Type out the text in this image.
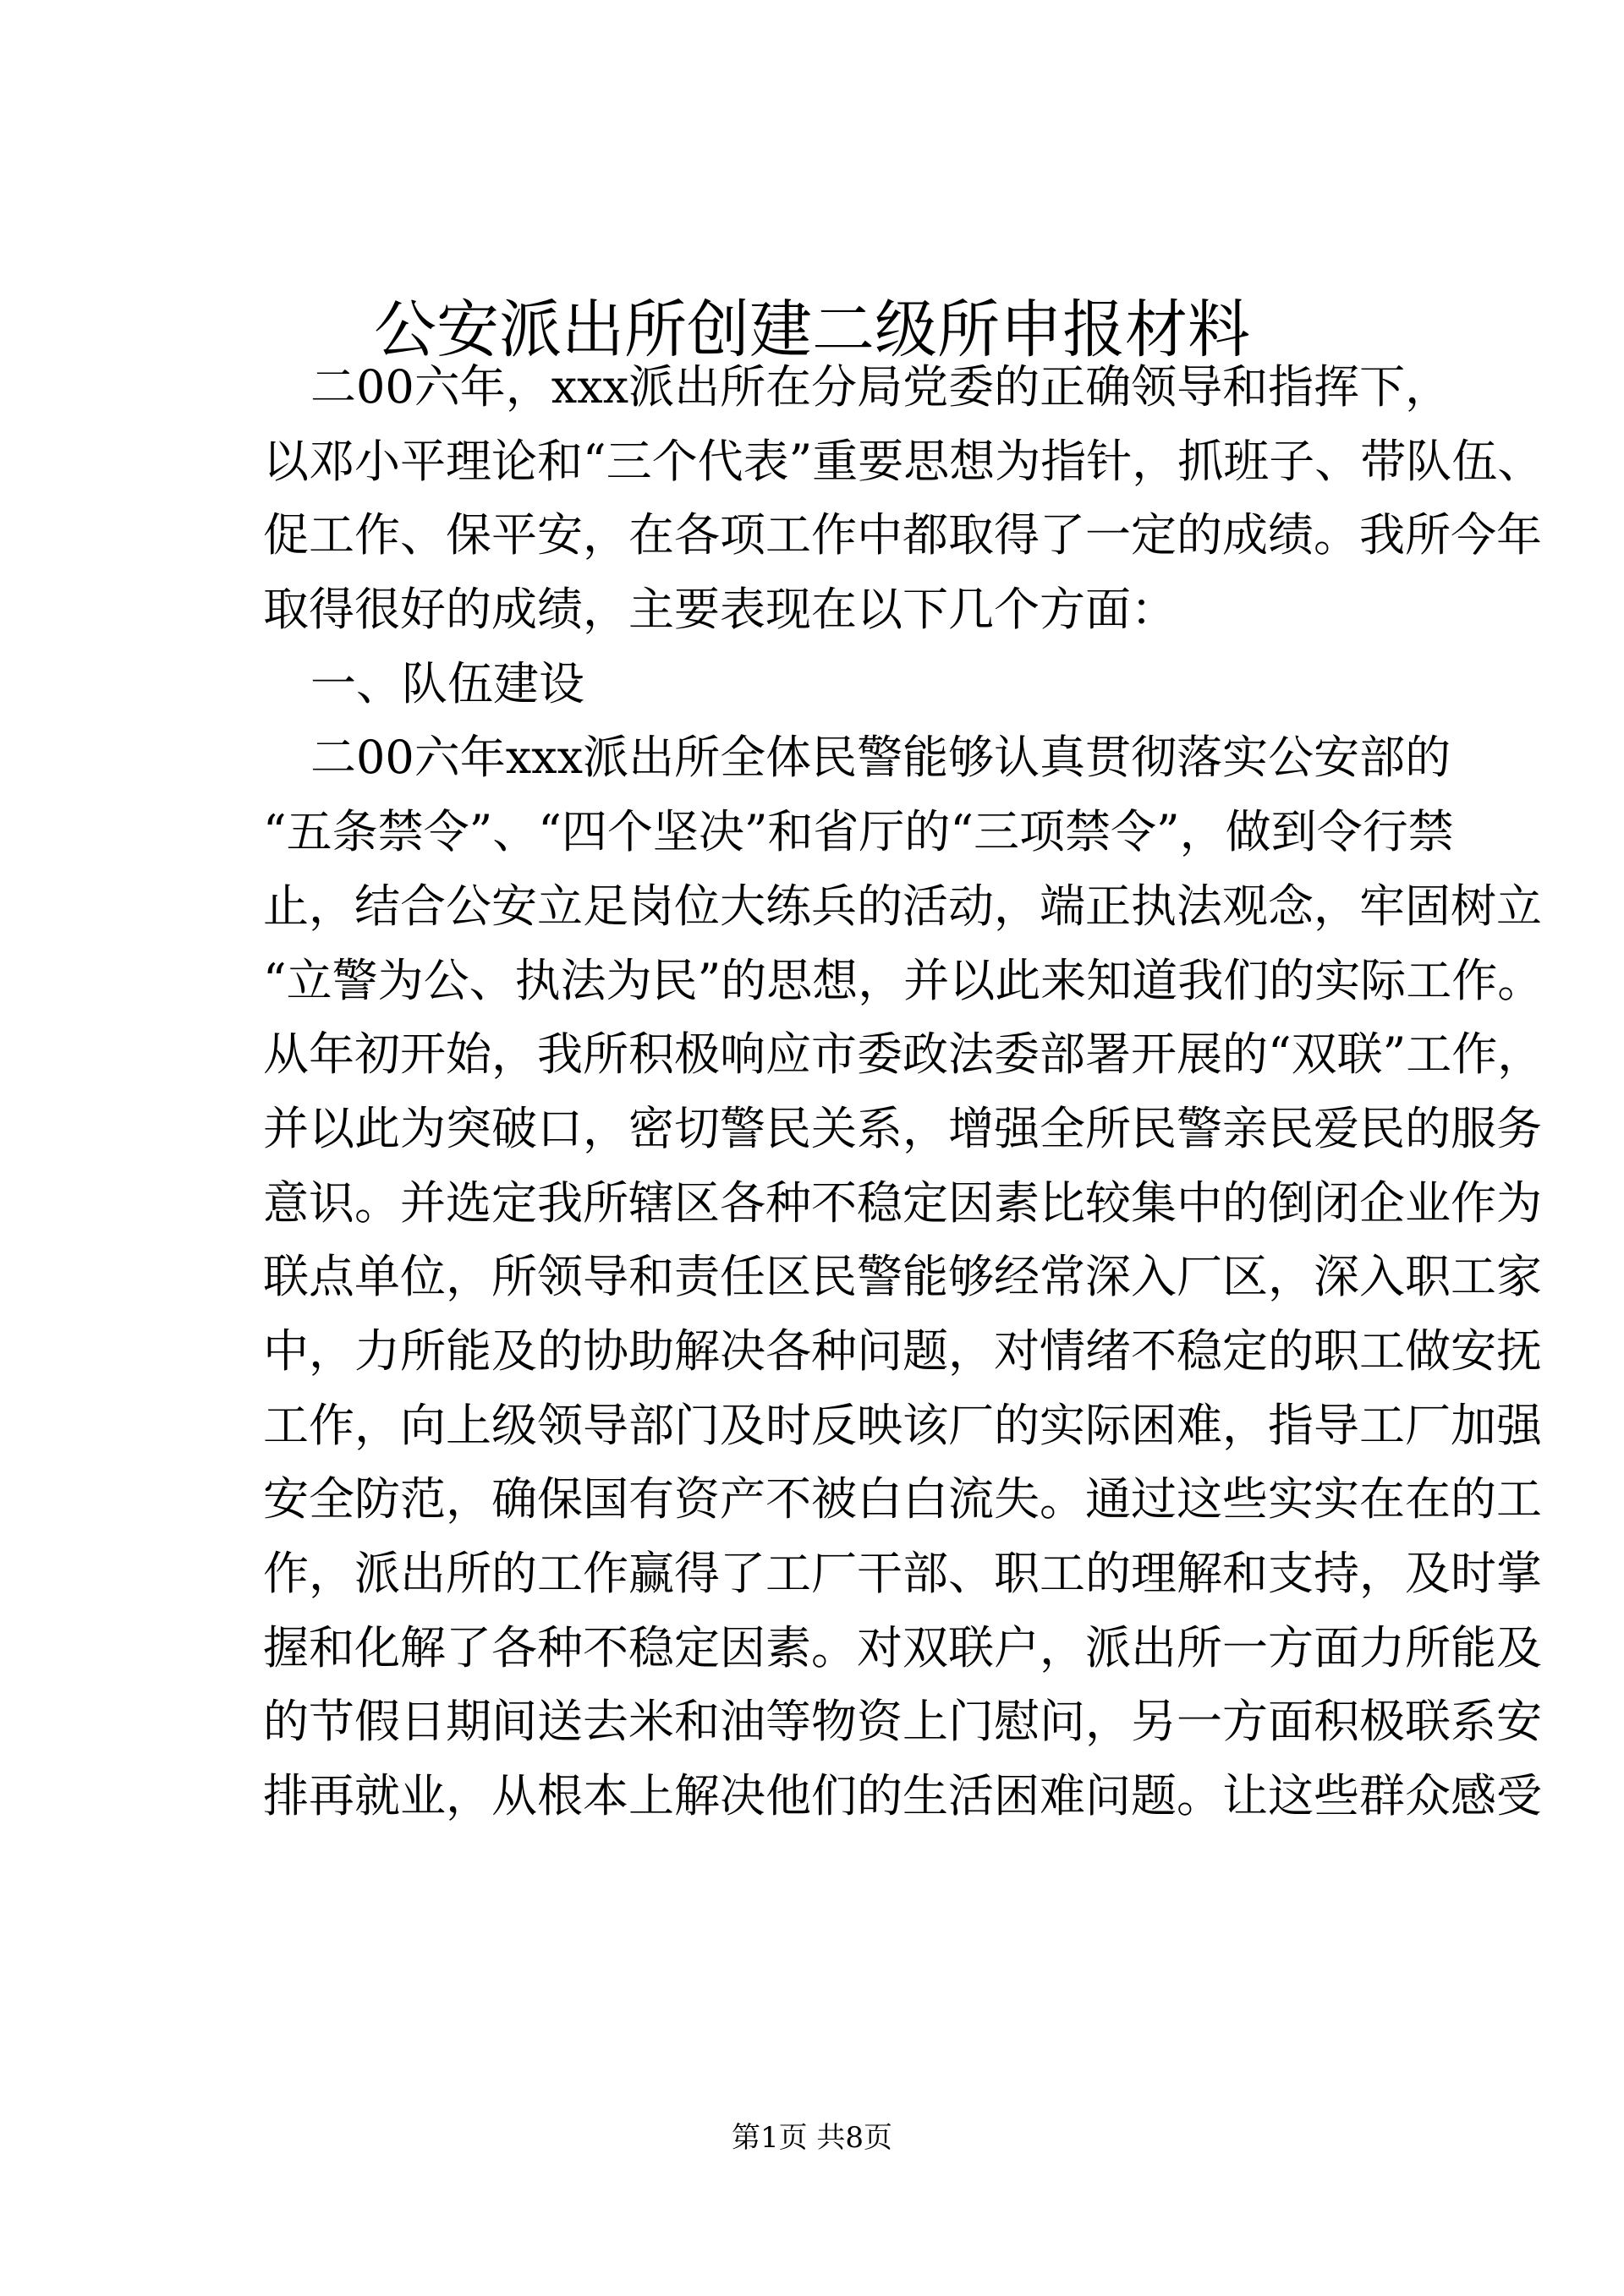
公安派出所创建二级所申报材料
二00六年，xxx派出所在分局党委的正确领导和指挥下，
以邓小平理论和“三个代表”重要思想为指针，抓班子、带队伍、
促工作、保平安，在各项工作中都取得了一定的成绩。我所今年
取得很好的成绩，主要表现在以下几个方面：
一、队伍建设
二00六年xxx派出所全体民警能够认真贯彻落实公安部的
“五条禁令”、“四个坚决”和省厅的“三项禁令”，做到令行禁
止，结合公安立足岗位大练兵的活动，端正执法观念，牢固树立
“立警为公、执法为民”的思想，并以此来知道我们的实际工作。
从年初开始，我所积极响应市委政法委部署开展的“双联”工作，
并以此为突破口，密切警民关系，增强全所民警亲民爱民的服务
意识。并选定我所辖区各种不稳定因素比较集中的倒闭企业作为
联点单位，所领导和责任区民警能够经常深入厂区，深入职工家
中，力所能及的协助解决各种问题，对情绪不稳定的职工做安抚
工作，向上级领导部门及时反映该厂的实际困难，指导工厂加强
安全防范，确保国有资产不被白白流失。通过这些实实在在的工
作，派出所的工作赢得了工厂干部、职工的理解和支持，及时掌
握和化解了各种不稳定因素。对双联户，派出所一方面力所能及
的节假日期间送去米和油等物资上门慰问，另一方面积极联系安
排再就业，从根本上解决他们的生活困难问题。让这些群众感受
第1页 共8页
